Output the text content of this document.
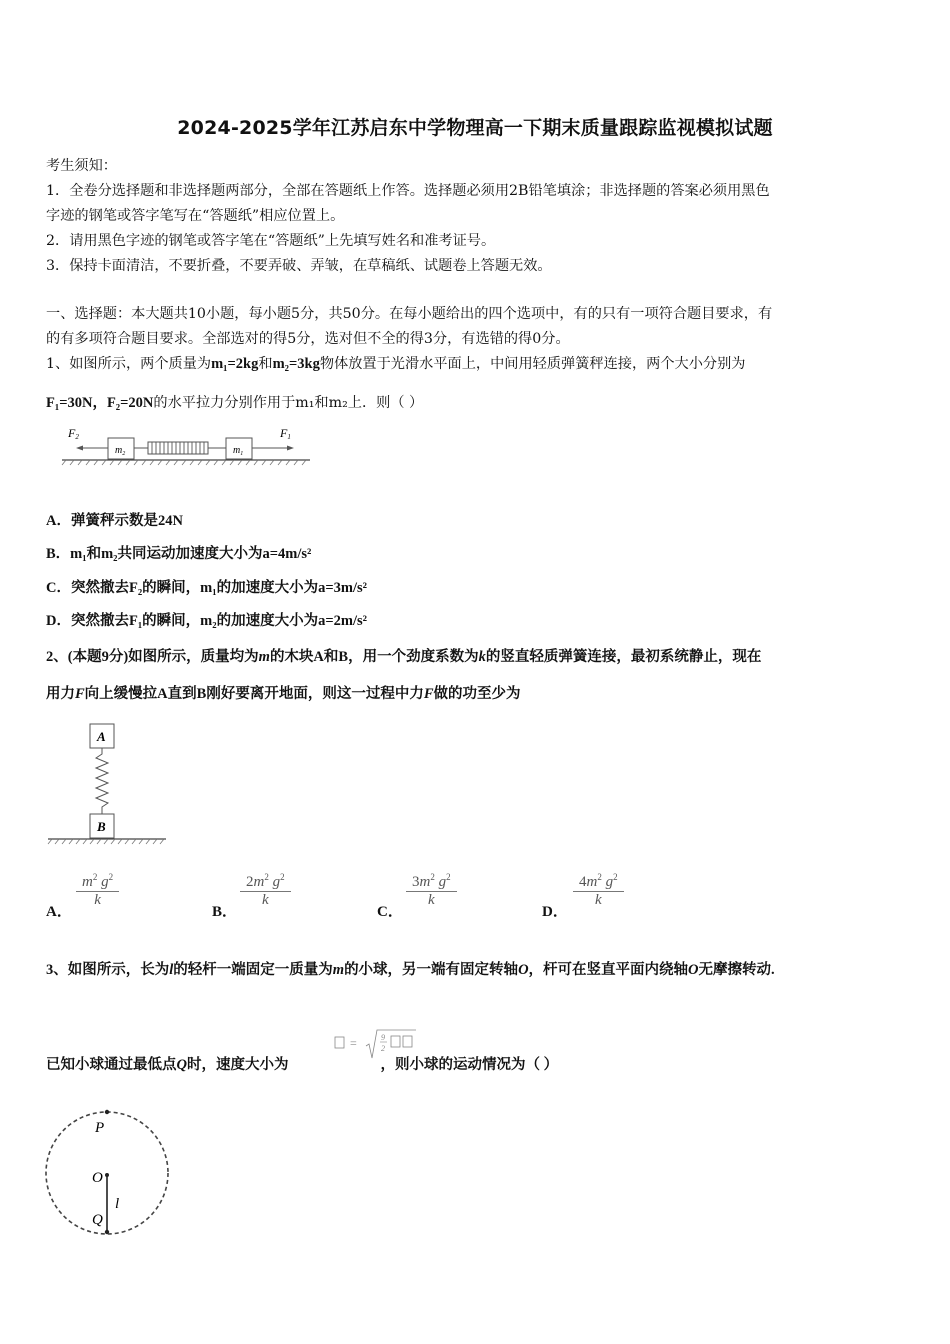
2024-2025学年江苏启东中学物理高一下期末质量跟踪监视模拟试题
考生须知：
1．全卷分选择题和非选择题两部分，全部在答题纸上作答。选择题必须用2B铅笔填涂；非选择题的答案必须用黑色
字迹的钢笔或答字笔写在“答题纸”相应位置上。
2．请用黑色字迹的钢笔或答字笔在“答题纸”上先填写姓名和准考证号。
3．保持卡面清洁，不要折叠，不要弄破、弄皱，在草稿纸、试题卷上答题无效。
一、选择题：本大题共10小题，每小题5分，共50分。在每小题给出的四个选项中，有的只有一项符合题目要求，有
的有多项符合题目要求。全部选对的得5分，选对但不全的得3分，有选错的得0分。
1、如图所示，两个质量为m₁=2kg和m₂=3kg物体放置于光滑水平面上，中间用轻质弹簧秤连接，两个大小分别为
F₁=30N，F₂=20N的水平拉力分别作用于m₁和m₂上．则（ ）
$m_2$	$m_1$
F2	F1
A．弹簧秤示数是24N
B．m₁和m₂共同运动加速度大小为a=4m/s²
C．突然撤去F₂的瞬间，m₁的加速度大小为a=3m/s²
D．突然撤去F₁的瞬间，m₂的加速度大小为a=2m/s²
2、(本题9分)如图所示，质量均为m的木块A和B，用一个劲度系数为k的竖直轻质弹簧连接，最初系统静止，现在
用力F向上缓慢拉A直到B刚好要离开地面，则这一过程中力F做的功至少为
A
B
A．
$\frac{m^2 g^2}{k}$
B．
$\frac{2m^2 g^2}{k}$
C．
$\frac{3m^2 g^2}{k}$
D．
$\frac{4m^2 g^2}{k}$
3、如图所示，长为l的轻杆一端固定一质量为m的小球，另一端有固定转轴O，杆可在竖直平面内绕轴O无摩擦转动.
=	9
2
已知小球通过最低点Q时，速度大小为	，则小球的运动情况为（ ）
P
O
l
Q
